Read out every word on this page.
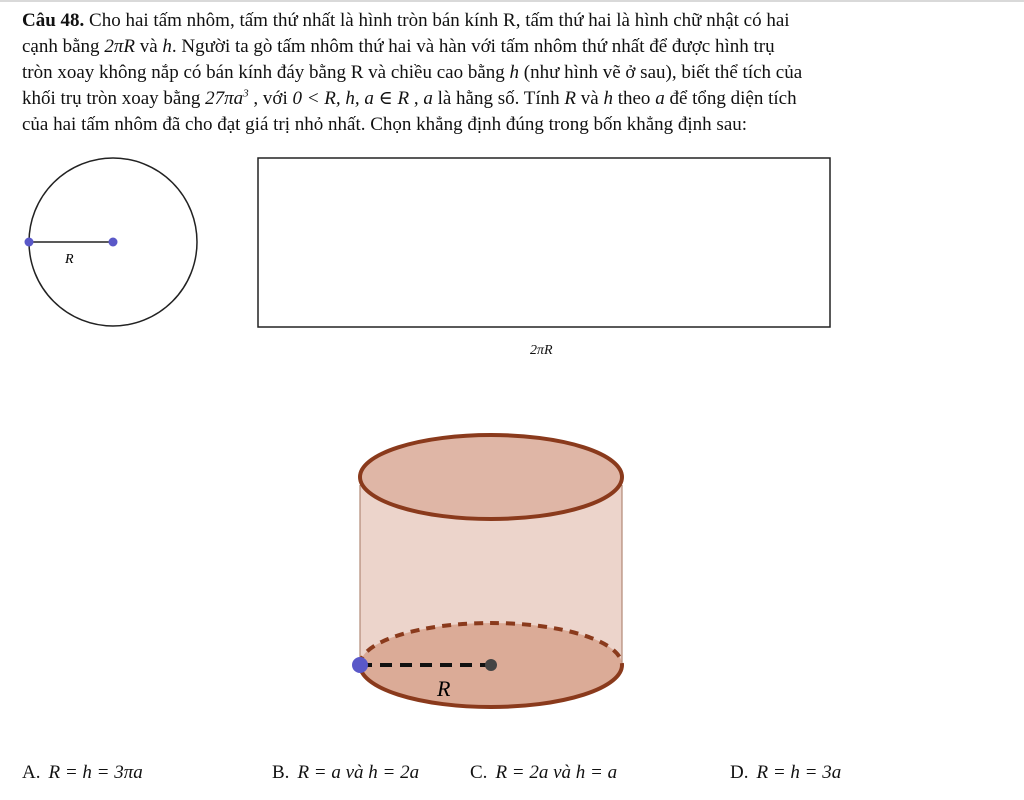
Câu 48. Cho hai tấm nhôm, tấm thứ nhất là hình tròn bán kính R, tấm thứ hai là hình chữ nhật có hai

cạnh bằng 2πR và h. Người ta gò tấm nhôm thứ hai và hàn với tấm nhôm thứ nhất để được hình trụ

tròn xoay không nắp có bán kính đáy bằng R và chiều cao bằng h (như hình vẽ ở sau), biết thể tích của

khối trụ tròn xoay bằng $27\pi a^3$ , với 0 < R, h, a ∈ R , a là hằng số. Tính R và h theo a để tổng diện tích

của hai tấm nhôm đã cho đạt giá trị nhỏ nhất. Chọn khẳng định đúng trong bốn khẳng định sau:

R
2πR
R
A. R = h = 3πa	B. R = a và h = 2a	C. R = 2a và h = a	D. R = h = 3a
